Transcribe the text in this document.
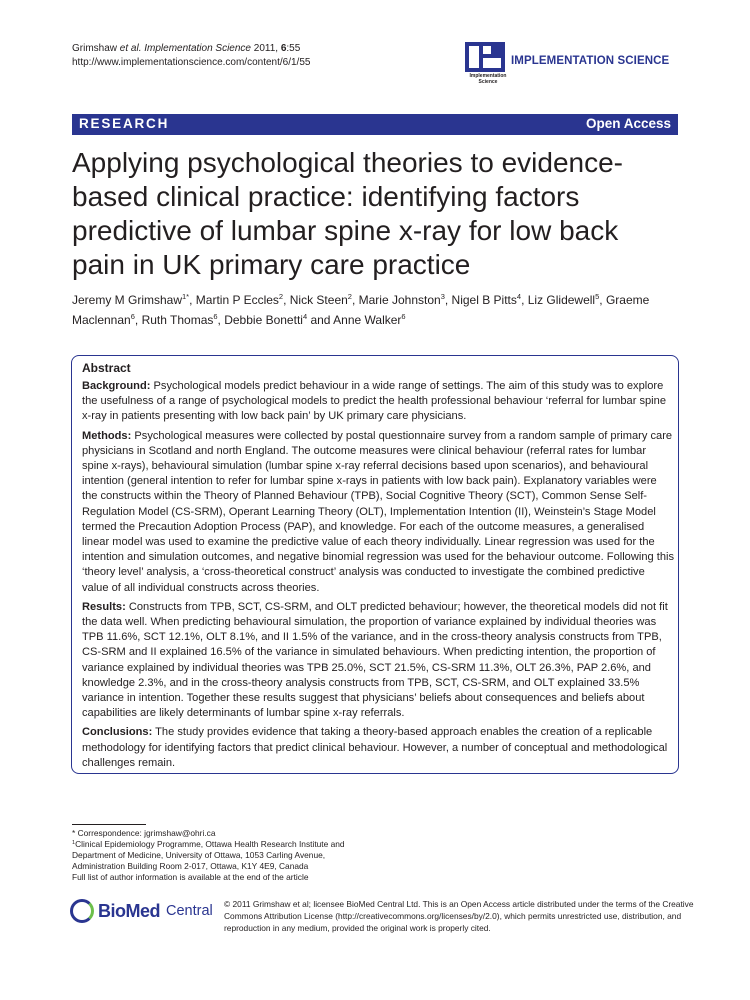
Grimshaw et al. Implementation Science 2011, 6:55
http://www.implementationscience.com/content/6/1/55
Implementation
Science
IMPLEMENTATION SCIENCE
RESEARCH	Open Access
Applying psychological theories to evidence-based clinical practice: identifying factors predictive of lumbar spine x-ray for low back pain in UK primary care practice
Jeremy M Grimshaw$^{1*}$, Martin P Eccles$^2$, Nick Steen$^2$, Marie Johnston$^3$, Nigel B Pitts$^4$, Liz Glidewell$^5$, Graeme Maclennan$^6$, Ruth Thomas$^6$, Debbie Bonetti$^4$ and Anne Walker$^6$
Abstract

Background: Psychological models predict behaviour in a wide range of settings. The aim of this study was to explore the usefulness of a range of psychological models to predict the health professional behaviour ‘referral for lumbar spine x-ray in patients presenting with low back pain’ by UK primary care physicians.

Methods: Psychological measures were collected by postal questionnaire survey from a random sample of primary care physicians in Scotland and north England. The outcome measures were clinical behaviour (referral rates for lumbar spine x-rays), behavioural simulation (lumbar spine x-ray referral decisions based upon scenarios), and behavioural intention (general intention to refer for lumbar spine x-rays in patients with low back pain). Explanatory variables were the constructs within the Theory of Planned Behaviour (TPB), Social Cognitive Theory (SCT), Common Sense Self-Regulation Model (CS-SRM), Operant Learning Theory (OLT), Implementation Intention (II), Weinstein’s Stage Model termed the Precaution Adoption Process (PAP), and knowledge. For each of the outcome measures, a generalised linear model was used to examine the predictive value of each theory individually. Linear regression was used for the intention and simulation outcomes, and negative binomial regression was used for the behaviour outcome. Following this ‘theory level’ analysis, a ‘cross-theoretical construct’ analysis was conducted to investigate the combined predictive value of all individual constructs across theories.

Results: Constructs from TPB, SCT, CS-SRM, and OLT predicted behaviour; however, the theoretical models did not fit the data well. When predicting behavioural simulation, the proportion of variance explained by individual theories was TPB 11.6%, SCT 12.1%, OLT 8.1%, and II 1.5% of the variance, and in the cross-theory analysis constructs from TPB, CS-SRM and II explained 16.5% of the variance in simulated behaviours. When predicting intention, the proportion of variance explained by individual theories was TPB 25.0%, SCT 21.5%, CS-SRM 11.3%, OLT 26.3%, PAP 2.6%, and knowledge 2.3%, and in the cross-theory analysis constructs from TPB, SCT, CS-SRM, and OLT explained 33.5% variance in intention. Together these results suggest that physicians’ beliefs about consequences and beliefs about capabilities are likely determinants of lumbar spine x-ray referrals.

Conclusions: The study provides evidence that taking a theory-based approach enables the creation of a replicable methodology for identifying factors that predict clinical behaviour. However, a number of conceptual and methodological challenges remain.

* Correspondence: jgrimshaw@ohri.ca
$^1$Clinical Epidemiology Programme, Ottawa Health Research Institute and Department of Medicine, University of Ottawa, 1053 Carling Avenue, Administration Building Room 2-017, Ottawa, K1Y 4E9, Canada
Full list of author information is available at the end of the article
BioMed Central © 2011 Grimshaw et al; licensee BioMed Central Ltd. This is an Open Access article distributed under the terms of the Creative Commons Attribution License (http://creativecommons.org/licenses/by/2.0), which permits unrestricted use, distribution, and reproduction in any medium, provided the original work is properly cited.
